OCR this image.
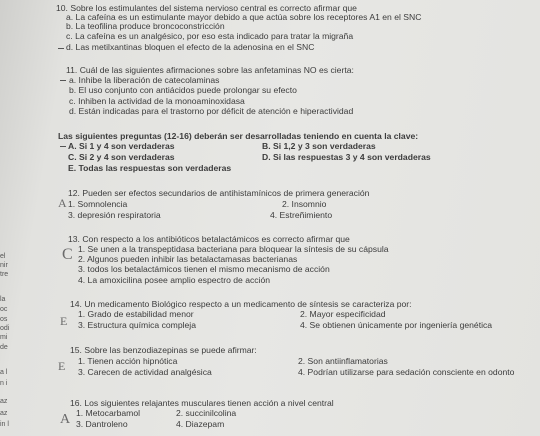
10. Sobre los estimulantes del sistema nervioso central es correcto afirmar que
a. La cafeína es un estimulante mayor debido a que actúa sobre los receptores A1 en el SNC
b. La teofilina produce broncoconstricción
c. La cafeína es un analgésico, por eso esta indicado para tratar la migraña
d. Las metilxantinas bloquen el efecto de la adenosina en el SNC
11. Cuál de las siguientes afirmaciones sobre las anfetaminas NO es cierta:
a. Inhibe la liberación de catecolaminas
b. El uso conjunto con antiácidos puede prolongar su efecto
c. Inhiben la actividad de la monoaminoxidasa
d. Están indicadas para el trastorno por déficit de atención e hiperactividad
Las siguientes preguntas (12-16) deberán ser desarrolladas teniendo en cuenta la clave:
A. Si 1 y 4 son verdaderas	B. Si 1,2 y 3 son verdaderas
C. Si 2 y 4 son verdaderas	D. Si las respuestas 3 y 4 son verdaderas
E. Todas las respuestas son verdaderas
12. Pueden ser efectos secundarios de antihistamínicos de primera generación
A 1. Somnolencia	2. Insomnio
3. depresión respiratoria	4. Estreñimiento
13. Con respecto a los antibióticos betalactámicos es correcto afirmar que
C 1. Se unen a la transpeptidasa bacteriana para bloquear la síntesis de su cápsula
2. Algunos pueden inhibir las betalactamasas bacterianas
3. todos los betalactámicos tienen el mismo mecanismo de acción
4. La amoxicilina posee amplio espectro de acción
14. Un medicamento Biológico respecto a un medicamento de síntesis se caracteriza por:
E 1. Grado de estabilidad menor	2. Mayor especificidad
3. Estructura química compleja	4. Se obtienen únicamente por ingeniería genética
15. Sobre las benzodiazepinas se puede afirmar:
E 1. Tienen acción hipnótica	2. Son antiinflamatorias
3. Carecen de actividad analgésica	4. Podrían utilizarse para sedación consciente en odonto
16. Los siguientes relajantes musculares tienen acción a nivel central
A 1. Metocarbamol	2. succinilcolina
3. Dantroleno	4. Diazepam
el
nir
tre
la
oc
os
odi
mi
de
a l
n i
az
az
in l
